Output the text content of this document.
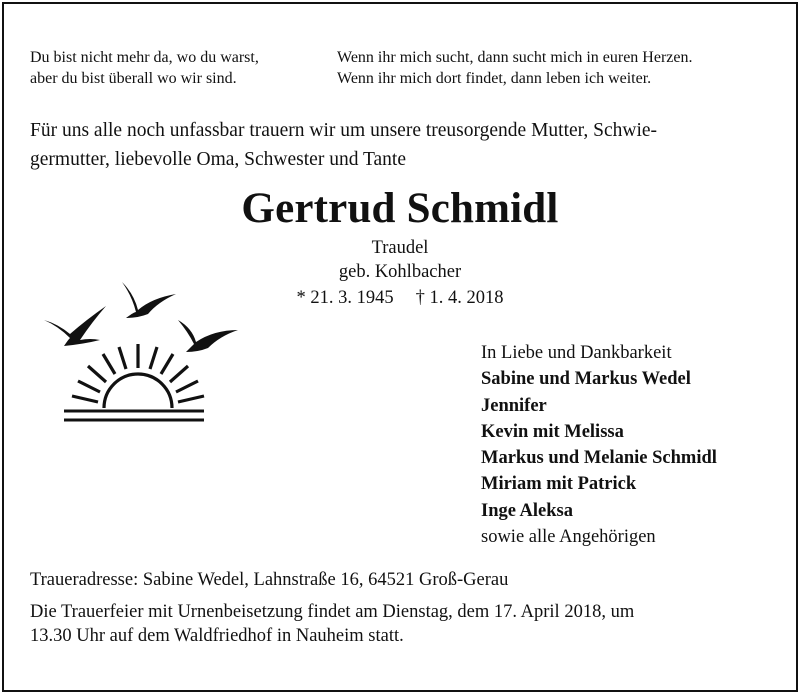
Du bist nicht mehr da, wo du warst,
aber du bist überall wo wir sind.
Wenn ihr mich sucht, dann sucht mich in euren Herzen.
Wenn ihr mich dort findet, dann leben ich weiter.
Für uns alle noch unfassbar trauern wir um unsere treusorgende Mutter, Schwie-
germutter, liebevolle Oma, Schwester und Tante
Gertrud Schmidl
Traudel
geb. Kohlbacher
* 21. 3. 1945 † 1. 4. 2018
In Liebe und Dankbarkeit
Sabine und Markus Wedel
Jennifer
Kevin mit Melissa
Markus und Melanie Schmidl
Miriam mit Patrick
Inge Aleksa
sowie alle Angehörigen
Traueradresse: Sabine Wedel, Lahnstraße 16, 64521 Groß-Gerau
Die Trauerfeier mit Urnenbeisetzung findet am Dienstag, dem 17. April 2018, um
13.30 Uhr auf dem Waldfriedhof in Nauheim statt.
